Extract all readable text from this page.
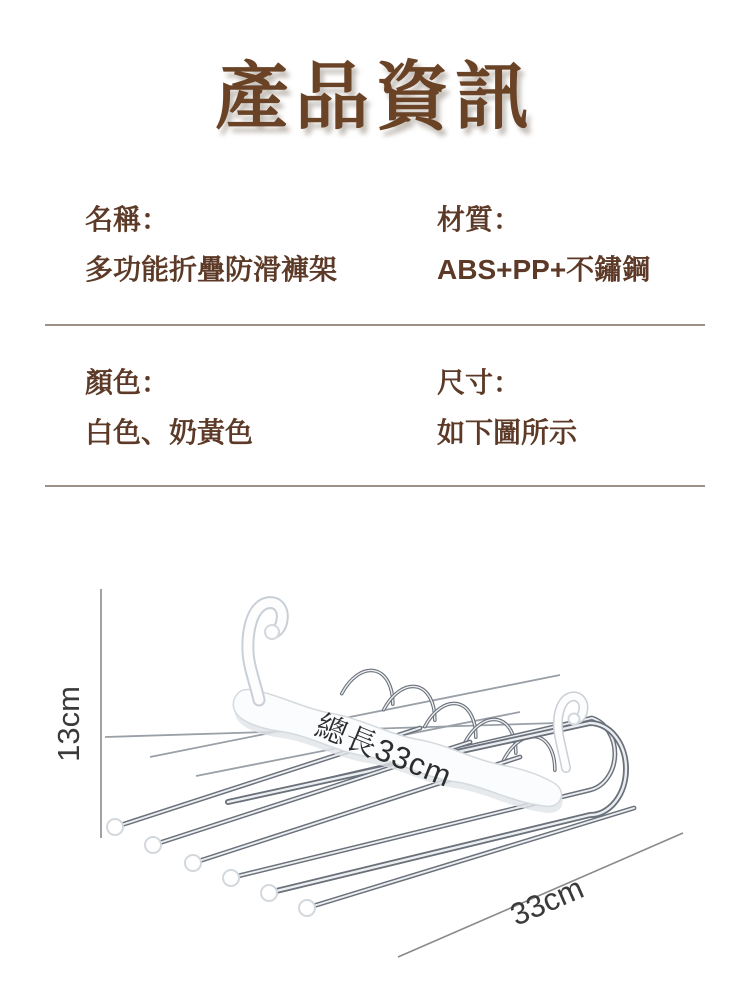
產品資訊
名稱：
多功能折疊防滑褲架
材質：
ABS+PP+不鏽鋼
顏色：
白色、奶黃色
尺寸：
如下圖所示
13cm	總長33cm
33cm
